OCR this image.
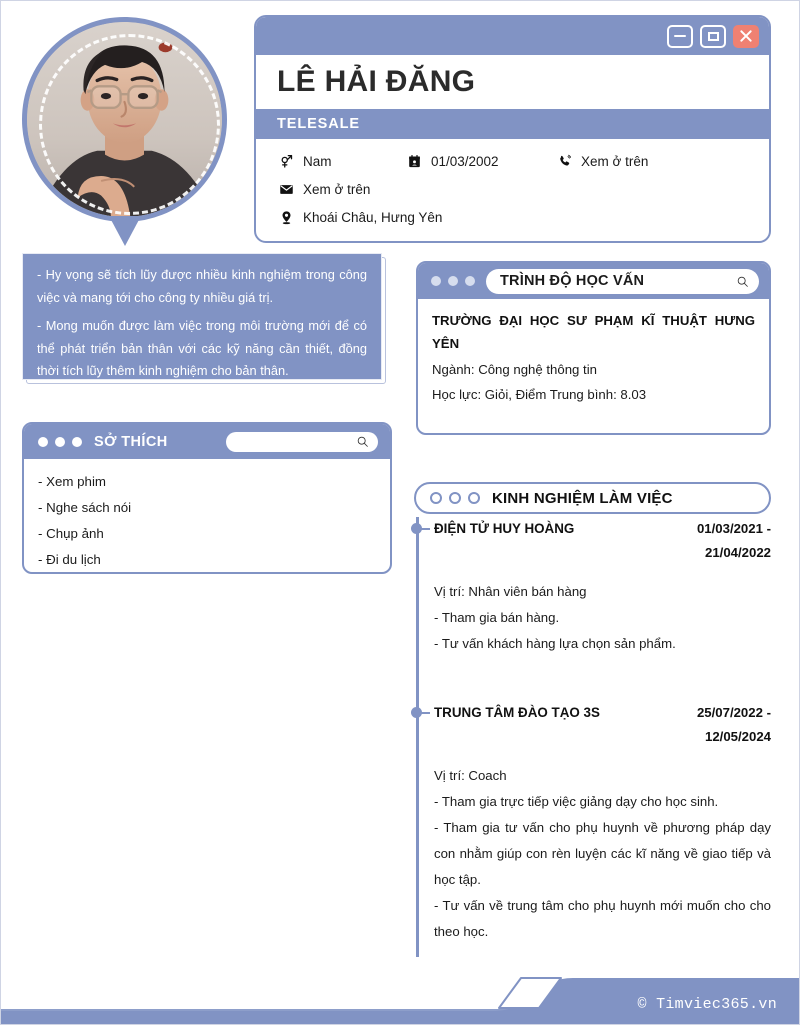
LÊ HẢI ĐĂNG
TELESALE
Nam	01/03/2002	Xem ở trên
Xem ở trên
Khoái Châu, Hưng Yên

- Hy vọng sẽ tích lũy được nhiều kinh nghiệm trong công việc và mang tới cho công ty nhiều giá trị.

- Mong muốn được làm việc trong môi trường mới để có thể phát triển bản thân với các kỹ năng cần thiết, đồng thời tích lũy thêm kinh nghiệm cho bản thân.

SỞ THÍCH
- Xem phim
- Nghe sách nói
- Chụp ảnh
- Đi du lịch
TRÌNH ĐỘ HỌC VẤN

TRƯỜNG ĐẠI HỌC SƯ PHẠM KĨ THUẬT HƯNG YÊN

Ngành: Công nghệ thông tin
Học lực: Giỏi, Điểm Trung bình: 8.03
KINH NGHIỆM LÀM VIỆC
ĐIỆN TỬ HUY HOÀNG	01/03/2021 - 21/04/2022
Vị trí: Nhân viên bán hàng
- Tham gia bán hàng.
- Tư vấn khách hàng lựa chọn sản phẩm.
TRUNG TÂM ĐÀO TẠO 3S	25/07/2022 - 12/05/2024
Vị trí: Coach
- Tham gia trực tiếp việc giảng dạy cho học sinh.
- Tham gia tư vấn cho phụ huynh về phương pháp dạy con nhằm giúp con rèn luyện các kĩ năng về giao tiếp và học tập.
- Tư vấn về trung tâm cho phụ huynh mới muốn cho cho theo học.
© Timviec365.vn
